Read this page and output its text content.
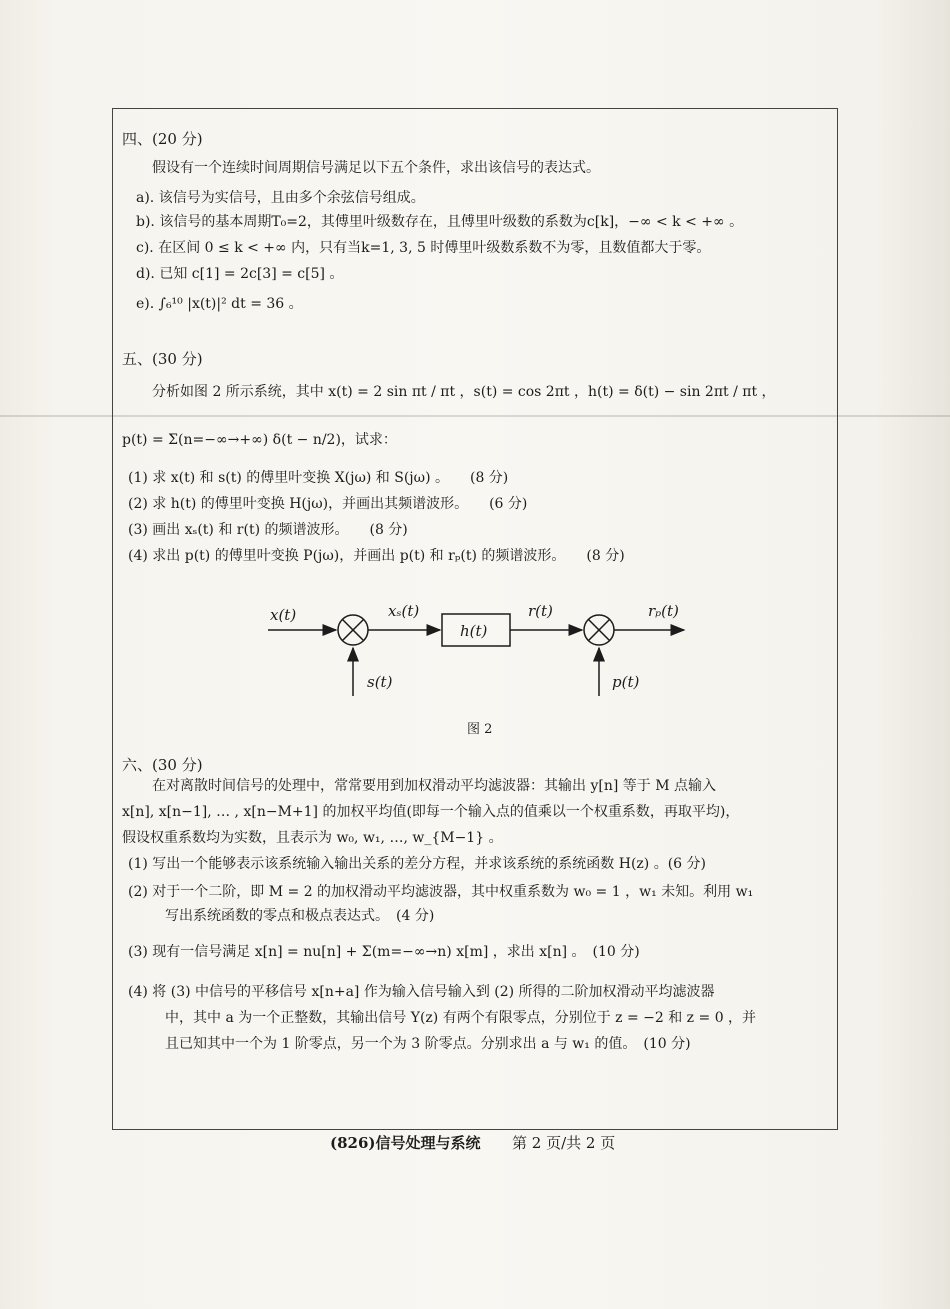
四、(20 分)
假设有一个连续时间周期信号满足以下五个条件，求出该信号的表达式。
a). 该信号为实信号，且由多个余弦信号组成。
b). 该信号的基本周期T₀=2，其傅里叶级数存在，且傅里叶级数的系数为c[k]，−∞ < k < +∞ 。
c). 在区间 0 ≤ k < +∞ 内，只有当k=1, 3, 5 时傅里叶级数系数不为零，且数值都大于零。
d). 已知 c[1] = 2c[3] = c[5] 。
e). ∫₆¹⁰ |x(t)|² dt = 36 。
五、(30 分)
分析如图 2 所示系统，其中 x(t) = 2 sin πt / πt ，s(t) = cos 2πt ，h(t) = δ(t) − sin 2πt / πt ，
p(t) = Σ(n=−∞→+∞) δ(t − n/2)，试求：
(1) 求 x(t) 和 s(t) 的傅里叶变换 X(jω) 和 S(jω) 。　　(8 分)
(2) 求 h(t) 的傅里叶变换 H(jω)，并画出其频谱波形。　　(6 分)
(3) 画出 xₛ(t) 和 r(t) 的频谱波形。　　(8 分)
(4) 求出 p(t) 的傅里叶变换 P(jω)，并画出 p(t) 和 rₚ(t) 的频谱波形。　　(8 分)
x(t)	xₛ(t)
h(t)
r(t)	rₚ(t)
s(t)	p(t)
图 2
六、(30 分)
在对离散时间信号的处理中，常常要用到加权滑动平均滤波器：其输出 y[n] 等于 M 点输入
x[n], x[n−1], … , x[n−M+1] 的加权平均值(即每一个输入点的值乘以一个权重系数，再取平均)，
假设权重系数均为实数，且表示为 w₀, w₁, …, w_{M−1} 。
(1) 写出一个能够表示该系统输入输出关系的差分方程，并求该系统的系统函数 H(z) 。(6 分)
(2) 对于一个二阶，即 M = 2 的加权滑动平均滤波器，其中权重系数为 w₀ = 1 ，w₁ 未知。利用 w₁
写出系统函数的零点和极点表达式。　(4 分)
(3) 现有一信号满足 x[n] = nu[n] + Σ(m=−∞→n) x[m] ，求出 x[n] 。　(10 分)
(4) 将 (3) 中信号的平移信号 x[n+a] 作为输入信号输入到 (2) 所得的二阶加权滑动平均滤波器
中，其中 a 为一个正整数，其输出信号 Y(z) 有两个有限零点，分别位于 z = −2 和 z = 0 ，并
且已知其中一个为 1 阶零点，另一个为 3 阶零点。分别求出 a 与 w₁ 的值。　(10 分)
(826)信号处理与系统 第 2 页/共 2 页
